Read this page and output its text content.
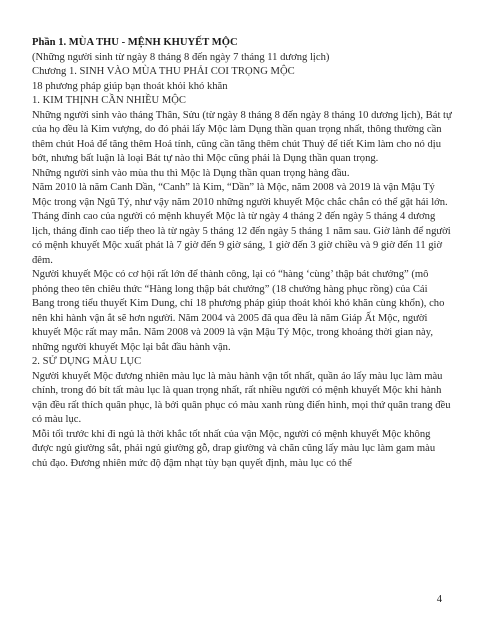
Phần 1. MÙA THU - MỆNH KHUYẾT MỘC

(Những người sinh từ ngày 8 tháng 8 đến ngày 7 tháng 11 dương lịch)

Chương 1. SINH VÀO MÙA THU PHẢI COI TRỌNG MỘC

18 phương pháp giúp bạn thoát khỏi khó khăn

1. KIM THỊNH CẦN NHIỀU MỘC

Những người sinh vào tháng Thân, Sửu (từ ngày 8 tháng 8 đến ngày 8 tháng 10 dương lịch), Bát tự của họ đều là Kim vượng, do đó phải lấy Mộc làm Dụng thần quan trọng nhất, thông thường cần thêm chút Hoả để tăng thêm Hoả tính, cũng cần tăng thêm chút Thuỷ để tiết Kim làm cho nó dịu bớt, nhưng bất luận là loại Bát tự nào thì Mộc cũng phải là Dụng thần quan trọng.

Những người sinh vào mùa thu thì Mộc là Dụng thần quan trọng hàng đầu.

Năm 2010 là năm Canh Dần, “Canh” là Kim, “Dần” là Mộc, năm 2008 và 2019 là vận Mậu Tý Mộc trong vận Ngũ Tý, như vậy năm 2010 những người khuyết Mộc chắc chắn có thể gặt hái lớn.

Tháng đỉnh cao của người có mệnh khuyết Mộc là từ ngày 4 tháng 2 đến ngày 5 tháng 4 dương lịch, tháng đỉnh cao tiếp theo là từ ngày 5 tháng 12 đến ngày 5 tháng 1 năm sau. Giờ lành để người có mệnh khuyết Mộc xuất phát là 7 giờ đến 9 giờ sáng, 1 giờ đến 3 giờ chiều và 9 giờ đến 11 giờ đêm.

Người khuyết Mộc có cơ hội rất lớn để thành công, lại có “hàng ‘cùng’ thập bát chưởng” (mô phỏng theo tên chiêu thức “Hàng long thập bát chưởng” (18 chưởng hàng phục rồng) của Cái Bang trong tiểu thuyết Kim Dung, chỉ 18 phương pháp giúp thoát khỏi khó khăn cùng khổn), cho nên khi hành vận ắt sẽ hơn người. Năm 2004 và 2005 đã qua đều là năm Giáp Ất Mộc, người khuyết Mộc rất may mắn. Năm 2008 và 2009 là vận Mậu Tý Mộc, trong khoảng thời gian này, những người khuyết Mộc lại bắt đầu hành vận.

2. SỬ DỤNG MÀU LỤC

Người khuyết Mộc đương nhiên màu lục là màu hành vận tốt nhất, quần áo lấy màu lục làm màu chính, trong đó bít tất màu lục là quan trọng nhất, rất nhiều người có mệnh khuyết Mộc khi hành vận đều rất thích quân phục, là bởi quân phục có màu xanh rùng điển hình, mọi thứ quân trang đều có màu lục.

Mỗi tối trước khi đi ngủ là thời khắc tốt nhất của vận Mộc, người có mệnh khuyết Mộc không được ngủ giường sắt, phải ngủ giường gỗ, drap giường và chăn cũng lấy màu lục làm gam màu chủ đạo. Đương nhiên mức độ đậm nhạt tùy bạn quyết định, màu lục có thể

4
